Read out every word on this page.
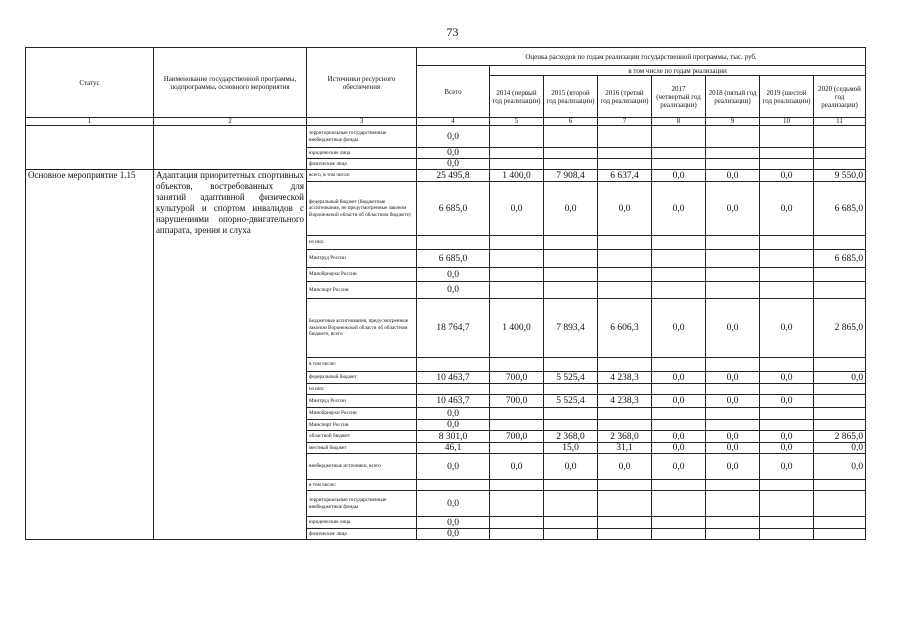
73
Статус	Наименование государственной программы, подпрограммы, основного мероприятия	Источники ресурсного обеспечения	Оценка расходов по годам реализации государственной программы, тыс. руб.							
			Всего	в том числе по годам реализации						
				2014 (первый год реализации)	2015 (второй год реализации)	2016 (третий год реализации)	2017 (четвертый год реализации)	2018 (пятый год реализации)	2019 (шестой год реализации)	2020 (седьмой год реализации)
1	2	3	4	5	6	7	8	9	10	11
		территориальные государственные внебюджетные фонды	0,0							
		юридические лица	0,0							
		физические лица	0,0							
Основное мероприятие 1.15	Адаптация приоритетных спортивных объектов, востребованных для занятий адаптивной физической культурой и спортом инвалидов с нарушениями опорно-двигательного аппарата, зрения и слуха	всего, в том числе:	25 495,8	1 400,0	7 908,4	6 637,4	0,0	0,0	0,0	9 550,0
		федеральный бюджет (бюджетные ассигнования, не предусмотренные законом Воронежской области об областном бюджете)	6 685,0	0,0	0,0	0,0	0,0	0,0	0,0	6 685,0
		из них:								
		Минтруд России	6 685,0							6 685,0
		Минобрнауки России	0,0							
		Минспорт России	0,0							
		Бюджетные ассигнования, предусмотренные законом Воронежской области об областном бюджете, всего	18 764,7	1 400,0	7 893,4	6 606,3	0,0	0,0	0,0	2 865,0
		в том числе:								
		федеральный бюджет	10 463,7	700,0	5 525,4	4 238,3	0,0	0,0	0,0	0,0
		из них:								
		Минтруд России	10 463,7	700,0	5 525,4	4 238,3	0,0	0,0	0,0	
		Минобрнауки России	0,0							
		Минспорт России	0,0							
		областной бюджет	8 301,0	700,0	2 368,0	2 368,0	0,0	0,0	0,0	2 865,0
		местный бюджет	46,1		15,0	31,1	0,0	0,0	0,0	0,0
		внебюджетные источники, всего	0,0	0,0	0,0	0,0	0,0	0,0	0,0	0,0
		в том числе:								
		территориальные государственные внебюджетные фонды	0,0							
		юридические лица	0,0							
		физические лица	0,0							
